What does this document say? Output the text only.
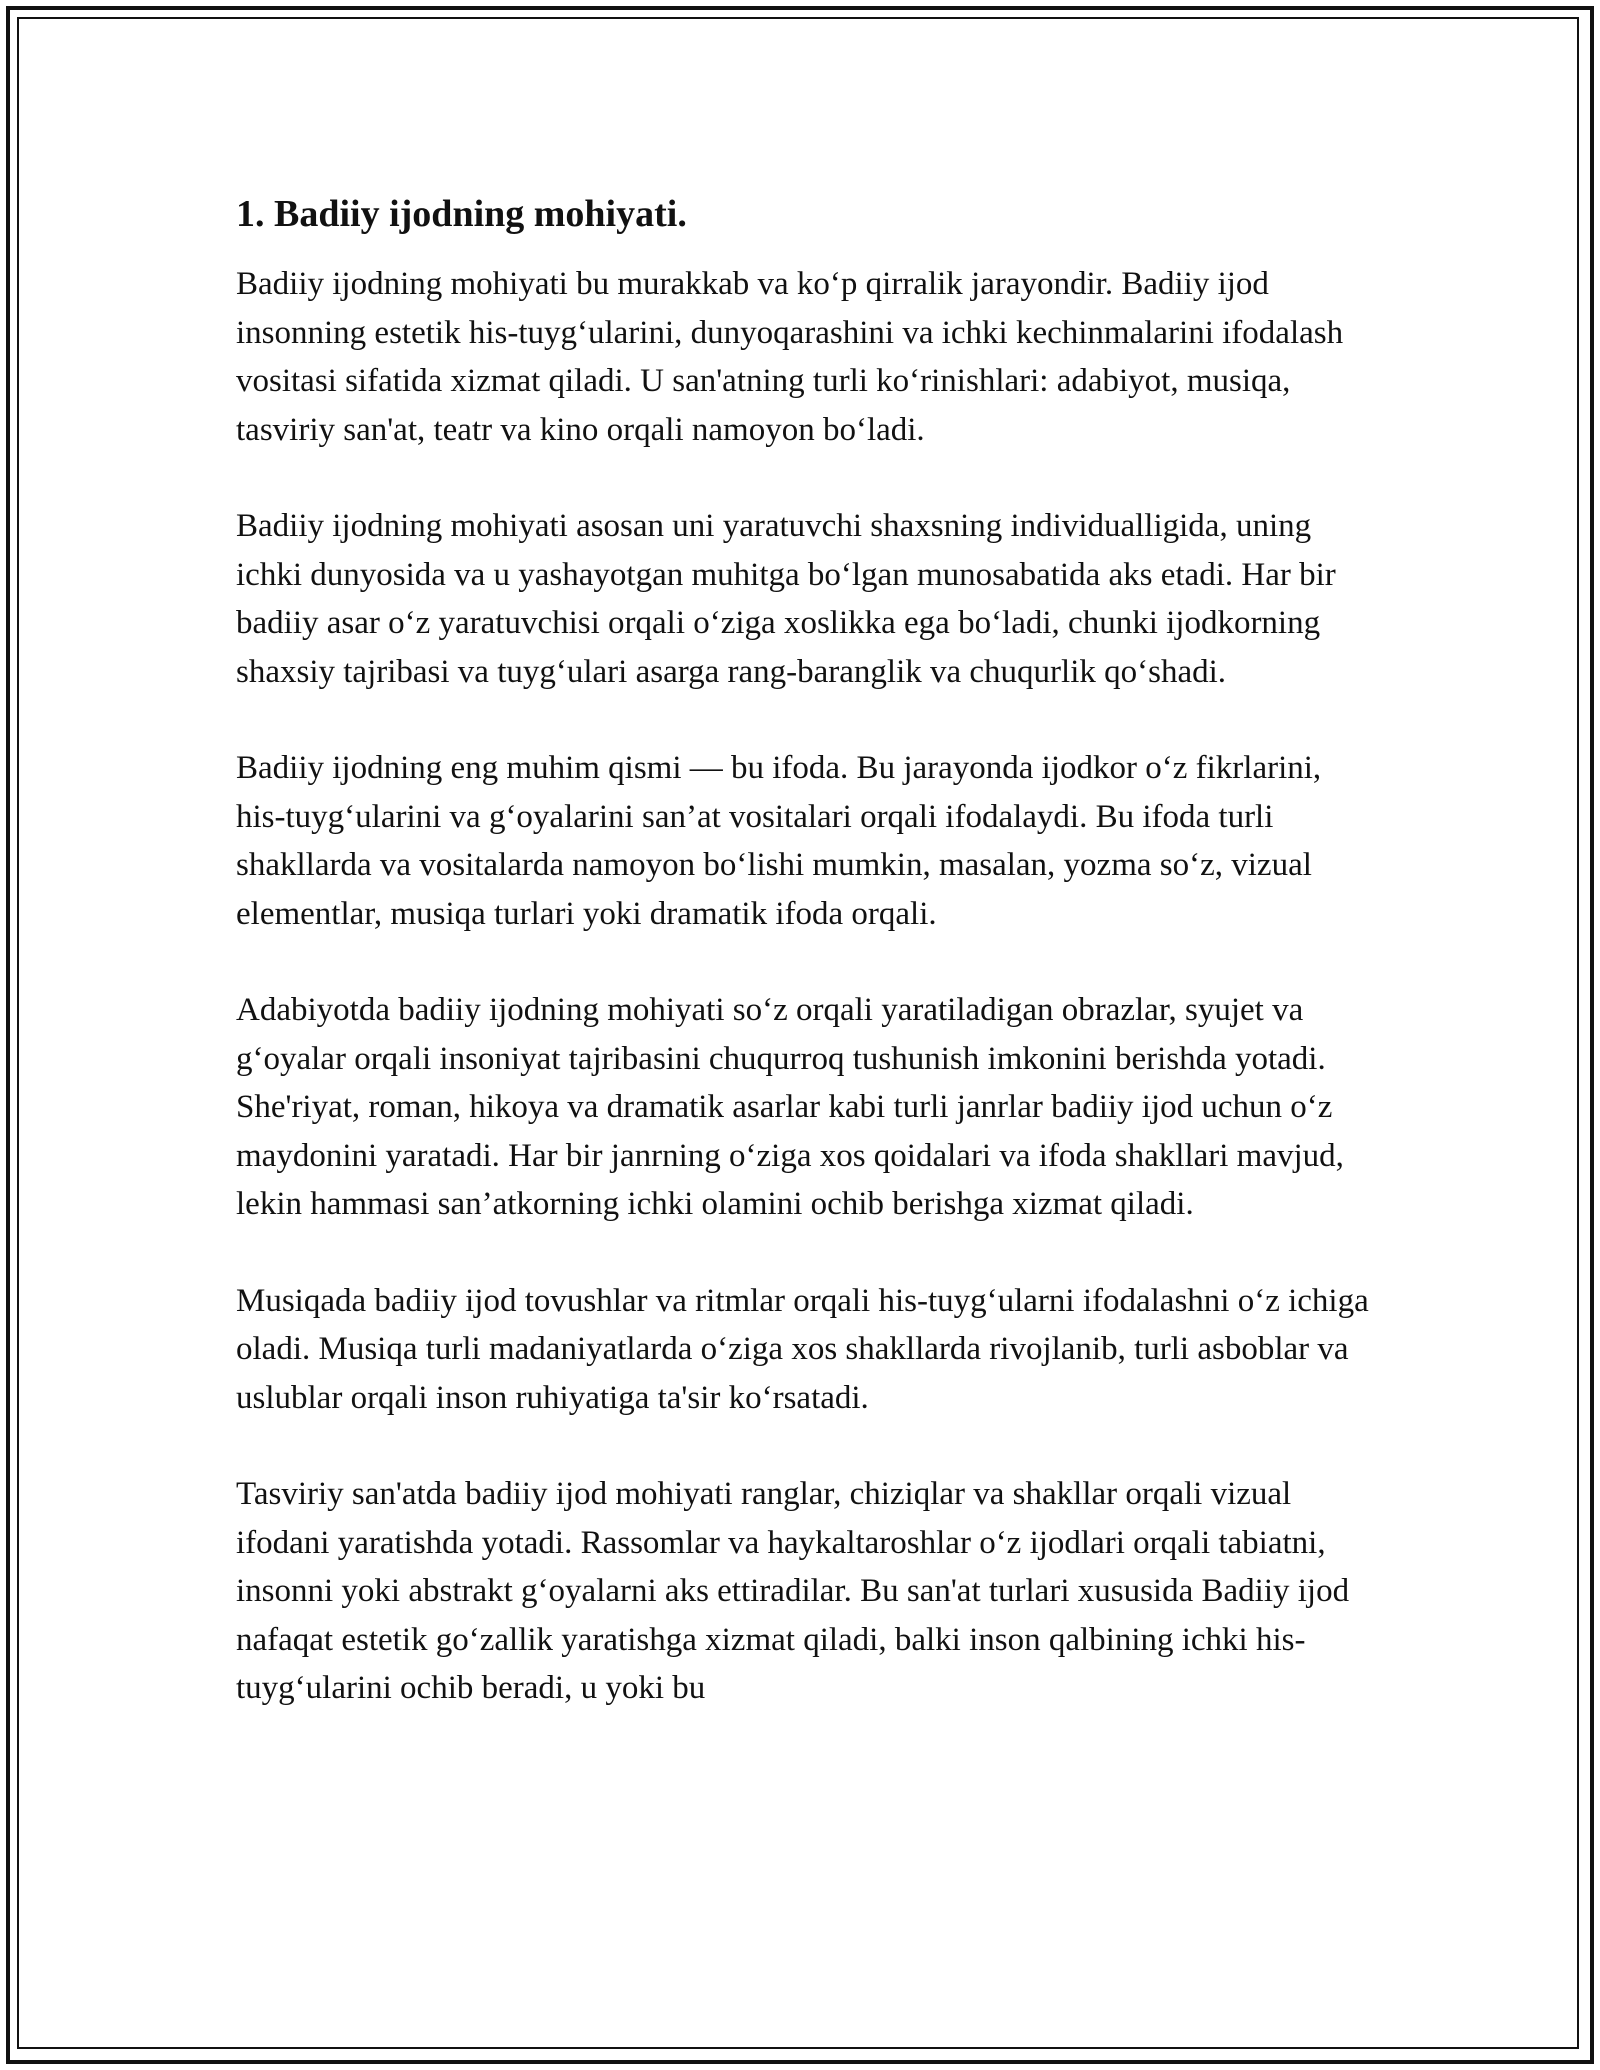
1. Badiiy ijodning mohiyati.

Badiiy ijodning mohiyati bu murakkab va ko‘p qirralik jarayondir. Badiiy ijod insonning estetik his-tuyg‘ularini, dunyoqarashini va ichki kechinmalarini ifodalash vositasi sifatida xizmat qiladi. U san'atning turli ko‘rinishlari: adabiyot, musiqa, tasviriy san'at, teatr va kino orqali namoyon bo‘ladi.

Badiiy ijodning mohiyati asosan uni yaratuvchi shaxsning individualligida, uning ichki dunyosida va u yashayotgan muhitga bo‘lgan munosabatida aks etadi. Har bir badiiy asar o‘z yaratuvchisi orqali o‘ziga xoslikka ega bo‘ladi, chunki ijodkorning shaxsiy tajribasi va tuyg‘ulari asarga rang-baranglik va chuqurlik qo‘shadi.

Badiiy ijodning eng muhim qismi — bu ifoda. Bu jarayonda ijodkor o‘z fikrlarini, his-tuyg‘ularini va g‘oyalarini san’at vositalari orqali ifodalaydi. Bu ifoda turli shakllarda va vositalarda namoyon bo‘lishi mumkin, masalan, yozma so‘z, vizual elementlar, musiqa turlari yoki dramatik ifoda orqali.

Adabiyotda badiiy ijodning mohiyati so‘z orqali yaratiladigan obrazlar, syujet va g‘oyalar orqali insoniyat tajribasini chuqurroq tushunish imkonini berishda yotadi. She'riyat, roman, hikoya va dramatik asarlar kabi turli janrlar badiiy ijod uchun o‘z maydonini yaratadi. Har bir janrning o‘ziga xos qoidalari va ifoda shakllari mavjud, lekin hammasi san’atkorning ichki olamini ochib berishga xizmat qiladi.

Musiqada badiiy ijod tovushlar va ritmlar orqali his-tuyg‘ularni ifodalashni o‘z ichiga oladi. Musiqa turli madaniyatlarda o‘ziga xos shakllarda rivojlanib, turli asboblar va uslublar orqali inson ruhiyatiga ta'sir ko‘rsatadi.

Tasviriy san'atda badiiy ijod mohiyati ranglar, chiziqlar va shakllar orqali vizual ifodani yaratishda yotadi. Rassomlar va haykaltaroshlar o‘z ijodlari orqali tabiatni, insonni yoki abstrakt g‘oyalarni aks ettiradilar. Bu san'at turlari xususida Badiiy ijod nafaqat estetik go‘zallik yaratishga xizmat qiladi, balki inson qalbining ichki his-tuyg‘ularini ochib beradi, u yoki bu
